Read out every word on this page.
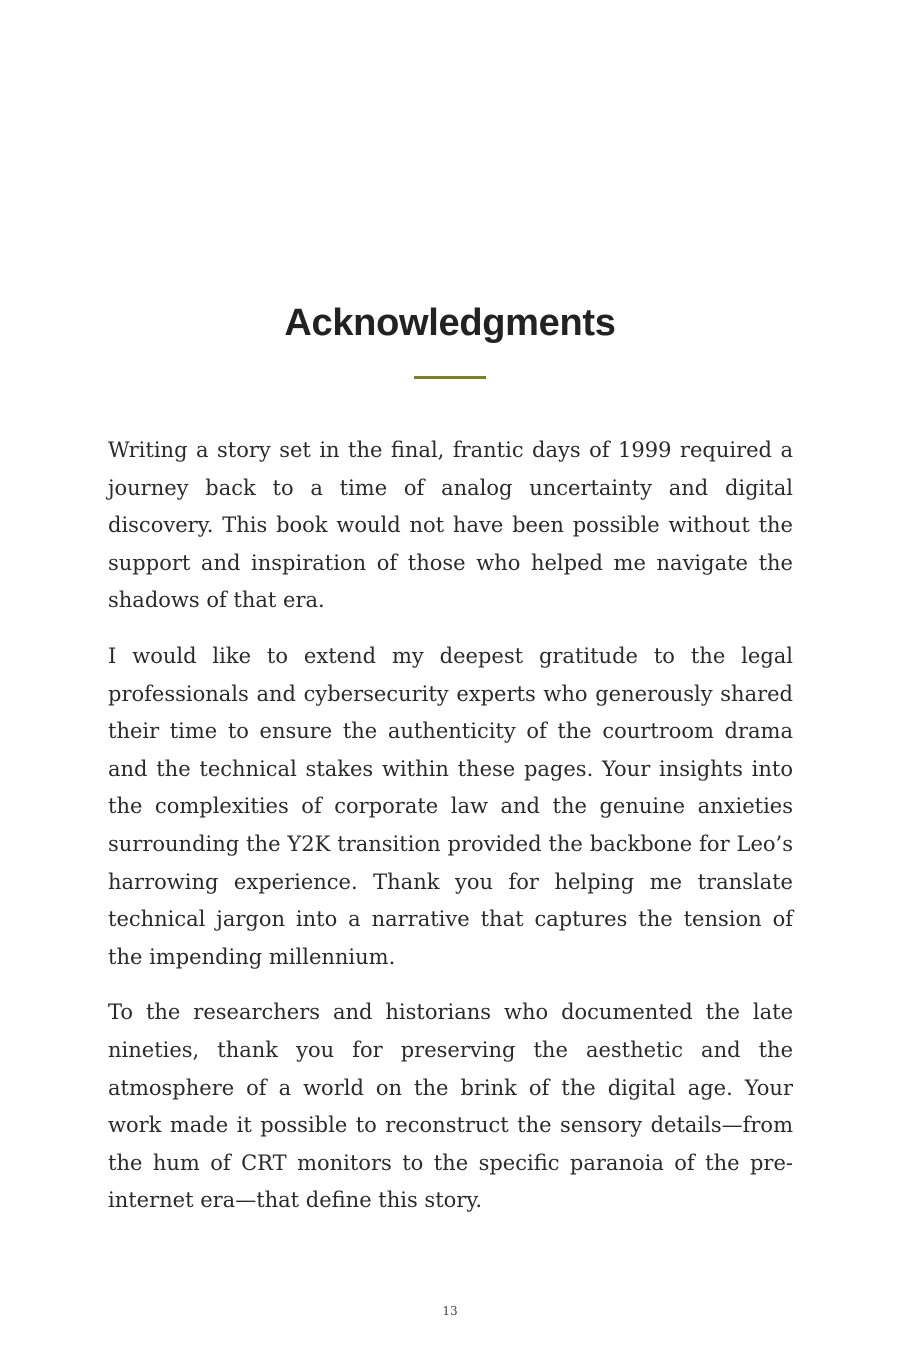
Acknowledgments

Writing a story set in the final, frantic days of 1999 required a journey back to a time of analog uncertainty and digital discovery. This book would not have been possible without the support and inspiration of those who helped me navigate the shadows of that era.

I would like to extend my deepest gratitude to the legal professionals and cybersecurity experts who generously shared their time to ensure the authenticity of the courtroom drama and the technical stakes within these pages. Your insights into the complexities of corporate law and the genuine anxieties surrounding the Y2K transition provided the backbone for Leo’s harrowing experience. Thank you for helping me translate technical jargon into a narrative that captures the tension of the impending millennium.

To the researchers and historians who documented the late nineties, thank you for preserving the aesthetic and the atmosphere of a world on the brink of the digital age. Your work made it possible to reconstruct the sensory details—from the hum of CRT monitors to the specific paranoia of the pre-internet era—that define this story.

13
